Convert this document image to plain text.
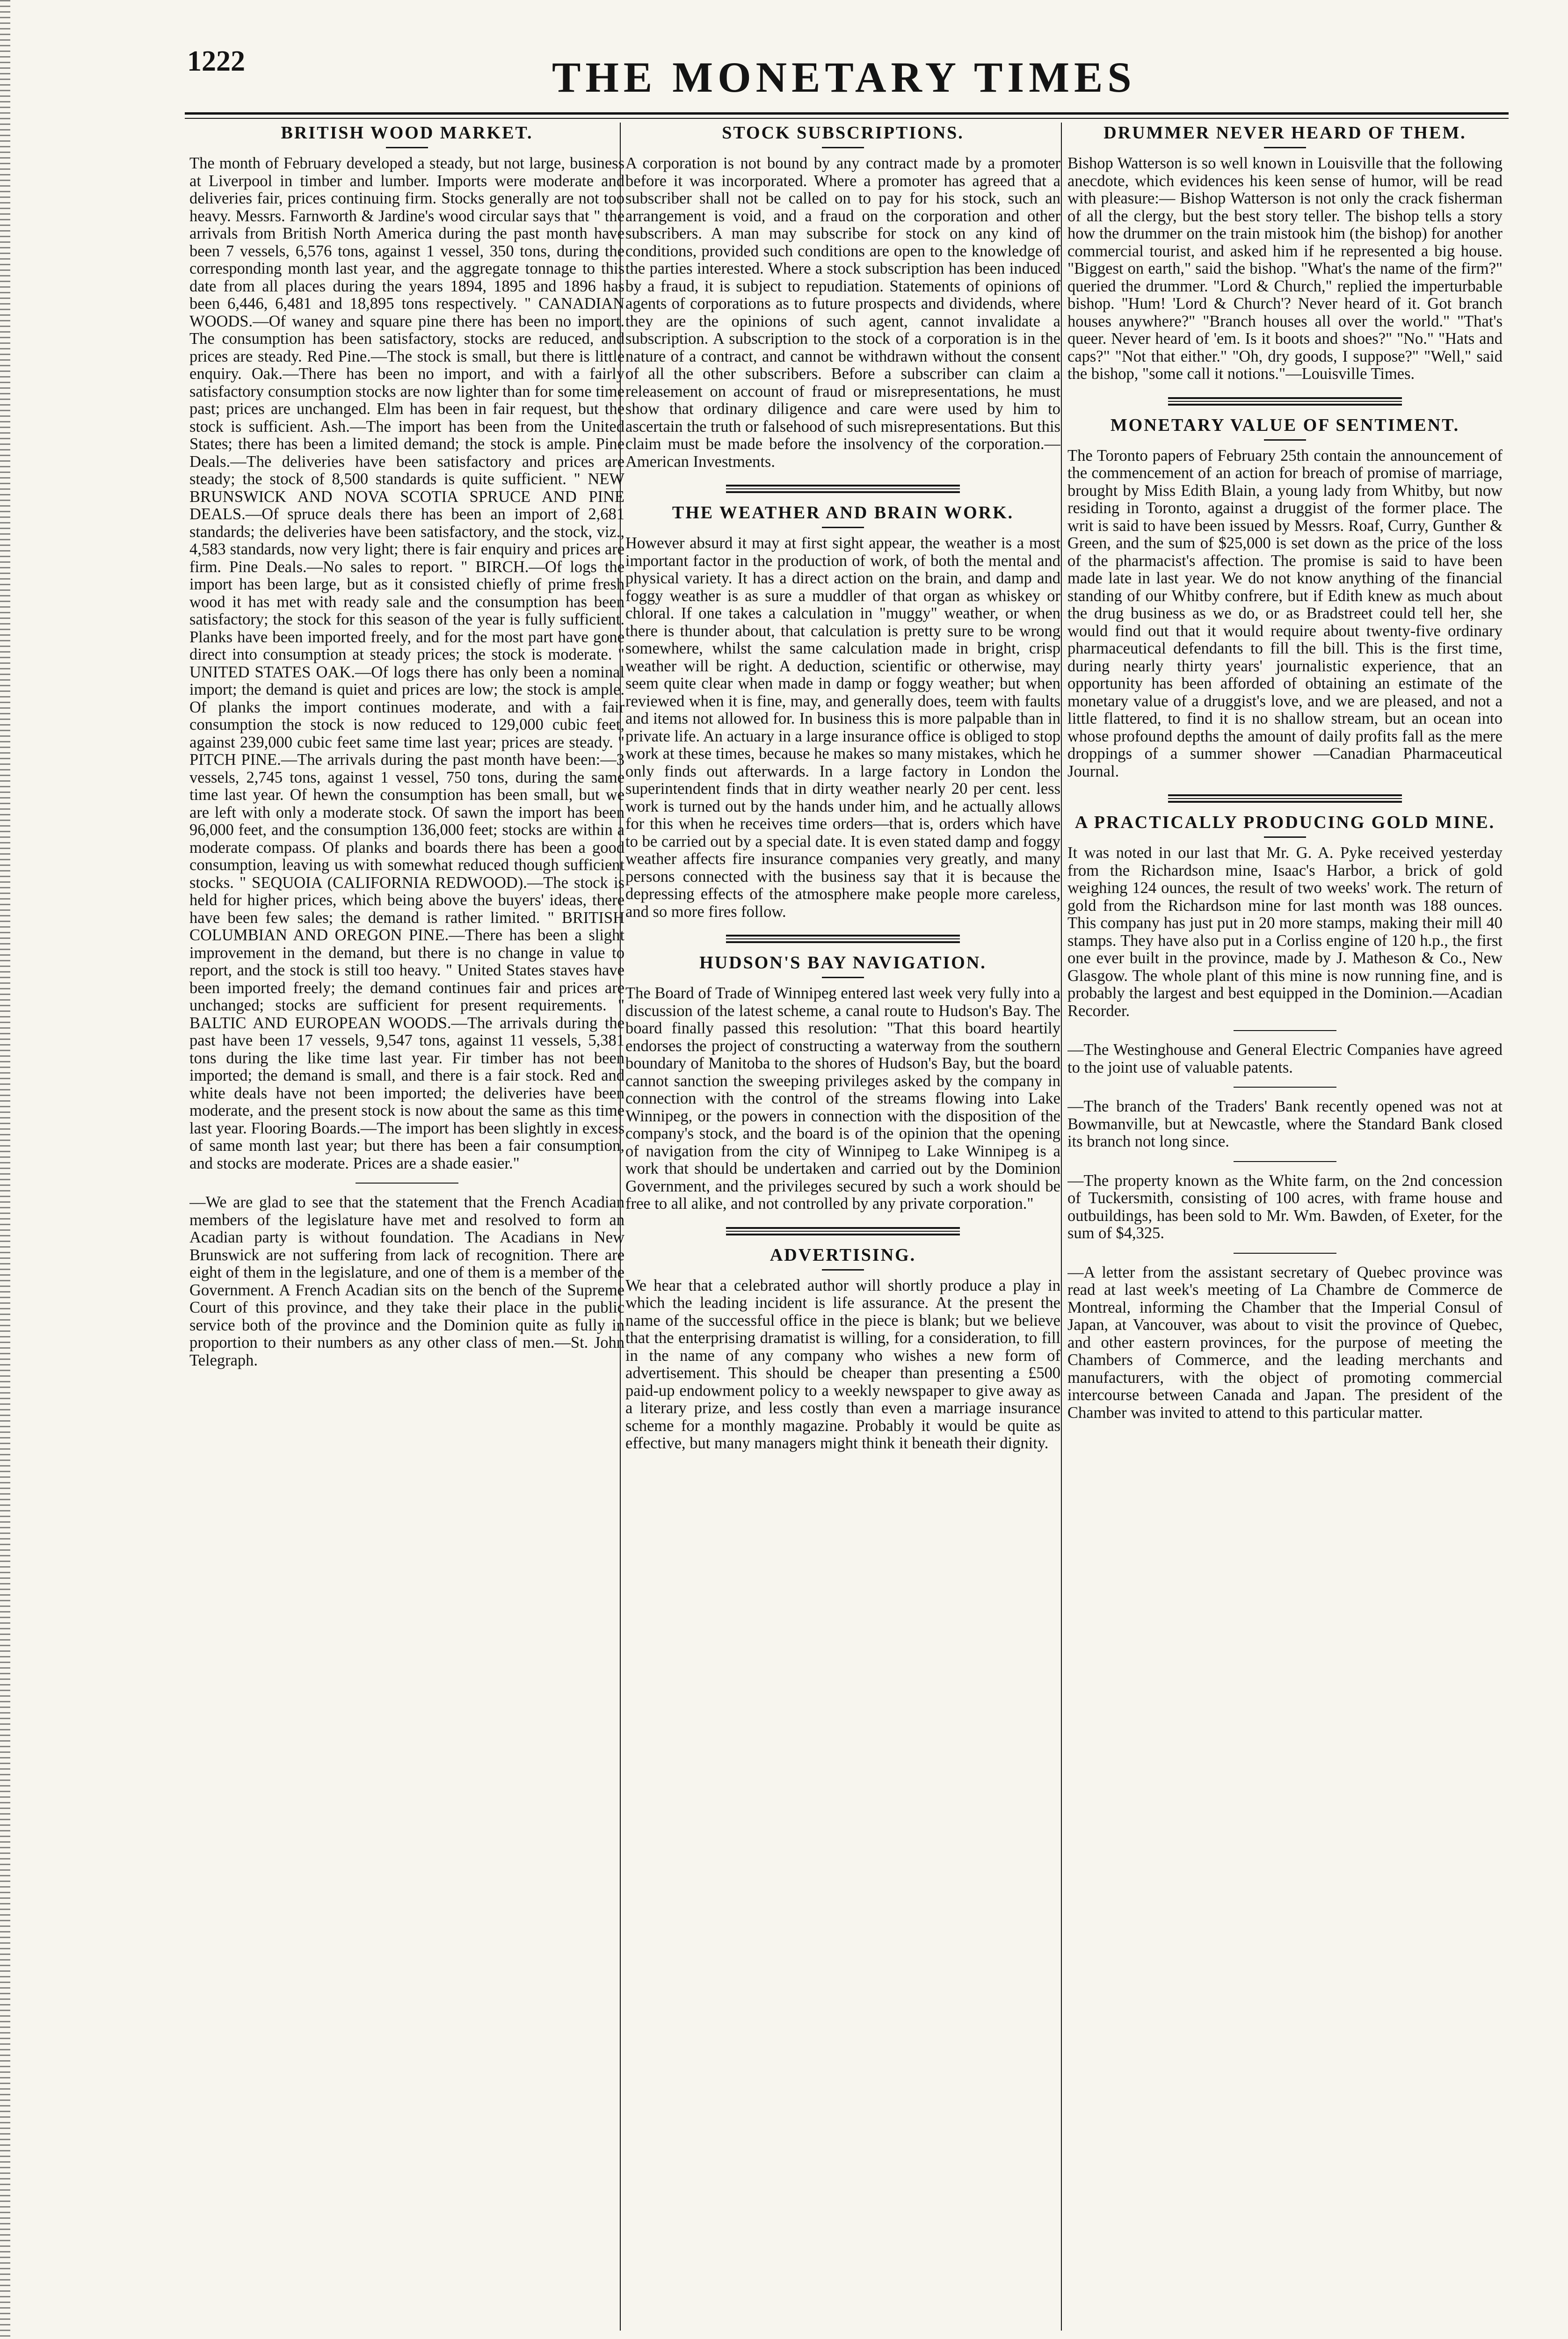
1222	THE MONETARY TIMES
BRITISH WOOD MARKET.

The month of February developed a steady, but not large, business at Liverpool in timber and lumber. Imports were moderate and deliveries fair, prices continuing firm. Stocks generally are not too heavy. Messrs. Farnworth & Jardine's wood circular says that " the arrivals from British North America during the past month have been 7 vessels, 6,576 tons, against 1 vessel, 350 tons, during the corresponding month last year, and the aggregate tonnage to this date from all places during the years 1894, 1895 and 1896 has been 6,446, 6,481 and 18,895 tons respectively. " CANADIAN WOODS.—Of waney and square pine there has been no import. The consumption has been satisfactory, stocks are reduced, and prices are steady. Red Pine.—The stock is small, but there is little enquiry. Oak.—There has been no import, and with a fairly satisfactory consumption stocks are now lighter than for some time past; prices are unchanged. Elm has been in fair request, but the stock is sufficient. Ash.—The import has been from the United States; there has been a limited demand; the stock is ample. Pine Deals.—The deliveries have been satisfactory and prices are steady; the stock of 8,500 standards is quite sufficient. " NEW BRUNSWICK AND NOVA SCOTIA SPRUCE AND PINE DEALS.—Of spruce deals there has been an import of 2,681 standards; the deliveries have been satisfactory, and the stock, viz., 4,583 standards, now very light; there is fair enquiry and prices are firm. Pine Deals.—No sales to report. " BIRCH.—Of logs the import has been large, but as it consisted chiefly of prime fresh wood it has met with ready sale and the consumption has been satisfactory; the stock for this season of the year is fully sufficient. Planks have been imported freely, and for the most part have gone direct into consumption at steady prices; the stock is moderate. " UNITED STATES OAK.—Of logs there has only been a nominal import; the demand is quiet and prices are low; the stock is ample. Of planks the import continues moderate, and with a fair consumption the stock is now reduced to 129,000 cubic feet, against 239,000 cubic feet same time last year; prices are steady. " PITCH PINE.—The arrivals during the past month have been:—3 vessels, 2,745 tons, against 1 vessel, 750 tons, during the same time last year. Of hewn the consumption has been small, but we are left with only a moderate stock. Of sawn the import has been 96,000 feet, and the consumption 136,000 feet; stocks are within a moderate compass. Of planks and boards there has been a good consumption, leaving us with somewhat reduced though sufficient stocks. " SEQUOIA (CALIFORNIA REDWOOD).—The stock is held for higher prices, which being above the buyers' ideas, there have been few sales; the demand is rather limited. " BRITISH COLUMBIAN AND OREGON PINE.—There has been a slight improvement in the demand, but there is no change in value to report, and the stock is still too heavy. " United States staves have been imported freely; the demand continues fair and prices are unchanged; stocks are sufficient for present requirements. " BALTIC AND EUROPEAN WOODS.—The arrivals during the past have been 17 vessels, 9,547 tons, against 11 vessels, 5,381 tons during the like time last year. Fir timber has not been imported; the demand is small, and there is a fair stock. Red and white deals have not been imported; the deliveries have been moderate, and the present stock is now about the same as this time last year. Flooring Boards.—The import has been slightly in excess of same month last year; but there has been a fair consumption, and stocks are moderate. Prices are a shade easier."

—We are glad to see that the statement that the French Acadian members of the legislature have met and resolved to form an Acadian party is without foundation. The Acadians in New Brunswick are not suffering from lack of recognition. There are eight of them in the legislature, and one of them is a member of the Government. A French Acadian sits on the bench of the Supreme Court of this province, and they take their place in the public service both of the province and the Dominion quite as fully in proportion to their numbers as any other class of men.—St. John Telegraph.

STOCK SUBSCRIPTIONS.

A corporation is not bound by any contract made by a promoter before it was incorporated. Where a promoter has agreed that a subscriber shall not be called on to pay for his stock, such an arrangement is void, and a fraud on the corporation and other subscribers. A man may subscribe for stock on any kind of conditions, provided such conditions are open to the knowledge of the parties interested. Where a stock subscription has been induced by a fraud, it is subject to repudiation. Statements of opinions of agents of corporations as to future prospects and dividends, where they are the opinions of such agent, cannot invalidate a subscription. A subscription to the stock of a corporation is in the nature of a contract, and cannot be withdrawn without the consent of all the other subscribers. Before a subscriber can claim a releasement on account of fraud or misrepresentations, he must show that ordinary diligence and care were used by him to ascertain the truth or falsehood of such misrepresentations. But this claim must be made before the insolvency of the corporation.—American Investments.

THE WEATHER AND BRAIN WORK.

However absurd it may at first sight appear, the weather is a most important factor in the production of work, of both the mental and physical variety. It has a direct action on the brain, and damp and foggy weather is as sure a muddler of that organ as whiskey or chloral. If one takes a calculation in "muggy" weather, or when there is thunder about, that calculation is pretty sure to be wrong somewhere, whilst the same calculation made in bright, crisp weather will be right. A deduction, scientific or otherwise, may seem quite clear when made in damp or foggy weather; but when reviewed when it is fine, may, and generally does, teem with faults and items not allowed for. In business this is more palpable than in private life. An actuary in a large insurance office is obliged to stop work at these times, because he makes so many mistakes, which he only finds out afterwards. In a large factory in London the superintendent finds that in dirty weather nearly 20 per cent. less work is turned out by the hands under him, and he actually allows for this when he receives time orders—that is, orders which have to be carried out by a special date. It is even stated damp and foggy weather affects fire insurance companies very greatly, and many persons connected with the business say that it is because the depressing effects of the atmosphere make people more careless, and so more fires follow.

HUDSON'S BAY NAVIGATION.

The Board of Trade of Winnipeg entered last week very fully into a discussion of the latest scheme, a canal route to Hudson's Bay. The board finally passed this resolution: "That this board heartily endorses the project of constructing a waterway from the southern boundary of Manitoba to the shores of Hudson's Bay, but the board cannot sanction the sweeping privileges asked by the company in connection with the control of the streams flowing into Lake Winnipeg, or the powers in connection with the disposition of the company's stock, and the board is of the opinion that the opening of navigation from the city of Winnipeg to Lake Winnipeg is a work that should be undertaken and carried out by the Dominion Government, and the privileges secured by such a work should be free to all alike, and not controlled by any private corporation."

ADVERTISING.

We hear that a celebrated author will shortly produce a play in which the leading incident is life assurance. At the present the name of the successful office in the piece is blank; but we believe that the enterprising dramatist is willing, for a consideration, to fill in the name of any company who wishes a new form of advertisement. This should be cheaper than presenting a £500 paid-up endowment policy to a weekly newspaper to give away as a literary prize, and less costly than even a marriage insurance scheme for a monthly magazine. Probably it would be quite as effective, but many managers might think it beneath their dignity.

DRUMMER NEVER HEARD OF THEM.

Bishop Watterson is so well known in Louisville that the following anecdote, which evidences his keen sense of humor, will be read with pleasure:— Bishop Watterson is not only the crack fisherman of all the clergy, but the best story teller. The bishop tells a story how the drummer on the train mistook him (the bishop) for another commercial tourist, and asked him if he represented a big house. "Biggest on earth," said the bishop. "What's the name of the firm?" queried the drummer. "Lord & Church," replied the imperturbable bishop. "Hum! 'Lord & Church'? Never heard of it. Got branch houses anywhere?" "Branch houses all over the world." "That's queer. Never heard of 'em. Is it boots and shoes?" "No." "Hats and caps?" "Not that either." "Oh, dry goods, I suppose?" "Well," said the bishop, "some call it notions."—Louisville Times.

MONETARY VALUE OF SENTIMENT.

The Toronto papers of February 25th contain the announcement of the commencement of an action for breach of promise of marriage, brought by Miss Edith Blain, a young lady from Whitby, but now residing in Toronto, against a druggist of the former place. The writ is said to have been issued by Messrs. Roaf, Curry, Gunther & Green, and the sum of $25,000 is set down as the price of the loss of the pharmacist's affection. The promise is said to have been made late in last year. We do not know anything of the financial standing of our Whitby confrere, but if Edith knew as much about the drug business as we do, or as Bradstreet could tell her, she would find out that it would require about twenty-five ordinary pharmaceutical defendants to fill the bill. This is the first time, during nearly thirty years' journalistic experience, that an opportunity has been afforded of obtaining an estimate of the monetary value of a druggist's love, and we are pleased, and not a little flattered, to find it is no shallow stream, but an ocean into whose profound depths the amount of daily profits fall as the mere droppings of a summer shower —Canadian Pharmaceutical Journal.

A PRACTICALLY PRODUCING GOLD MINE.

It was noted in our last that Mr. G. A. Pyke received yesterday from the Richardson mine, Isaac's Harbor, a brick of gold weighing 124 ounces, the result of two weeks' work. The return of gold from the Richardson mine for last month was 188 ounces. This company has just put in 20 more stamps, making their mill 40 stamps. They have also put in a Corliss engine of 120 h.p., the first one ever built in the province, made by J. Matheson & Co., New Glasgow. The whole plant of this mine is now running fine, and is probably the largest and best equipped in the Dominion.—Acadian Recorder.

—The Westinghouse and General Electric Companies have agreed to the joint use of valuable patents.

—The branch of the Traders' Bank recently opened was not at Bowmanville, but at Newcastle, where the Standard Bank closed its branch not long since.

—The property known as the White farm, on the 2nd concession of Tuckersmith, consisting of 100 acres, with frame house and outbuildings, has been sold to Mr. Wm. Bawden, of Exeter, for the sum of $4,325.

—A letter from the assistant secretary of Quebec province was read at last week's meeting of La Chambre de Commerce de Montreal, informing the Chamber that the Imperial Consul of Japan, at Vancouver, was about to visit the province of Quebec, and other eastern provinces, for the purpose of meeting the Chambers of Commerce, and the leading merchants and manufacturers, with the object of promoting commercial intercourse between Canada and Japan. The president of the Chamber was invited to attend to this particular matter.
